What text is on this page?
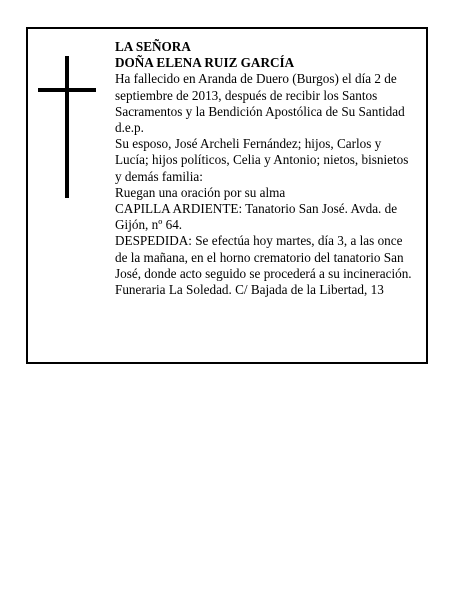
LA SEÑORA

DOÑA ELENA RUIZ GARCÍA

Ha fallecido en Aranda de Duero (Burgos) el día 2 de

septiembre de 2013, después de recibir los Santos

Sacramentos y la Bendición Apostólica de Su Santidad

d.e.p.

Su esposo, José Archeli Fernández; hijos, Carlos y

Lucía; hijos políticos, Celia y Antonio; nietos, bisnietos

y demás familia:

Ruegan una oración por su alma

CAPILLA ARDIENTE: Tanatorio San José. Avda. de

Gijón, nº 64.

DESPEDIDA: Se efectúa hoy martes, día 3, a las once

de la mañana, en el horno crematorio del tanatorio San

José, donde acto seguido se procederá a su incineración.

Funeraria La Soledad. C/ Bajada de la Libertad, 13
